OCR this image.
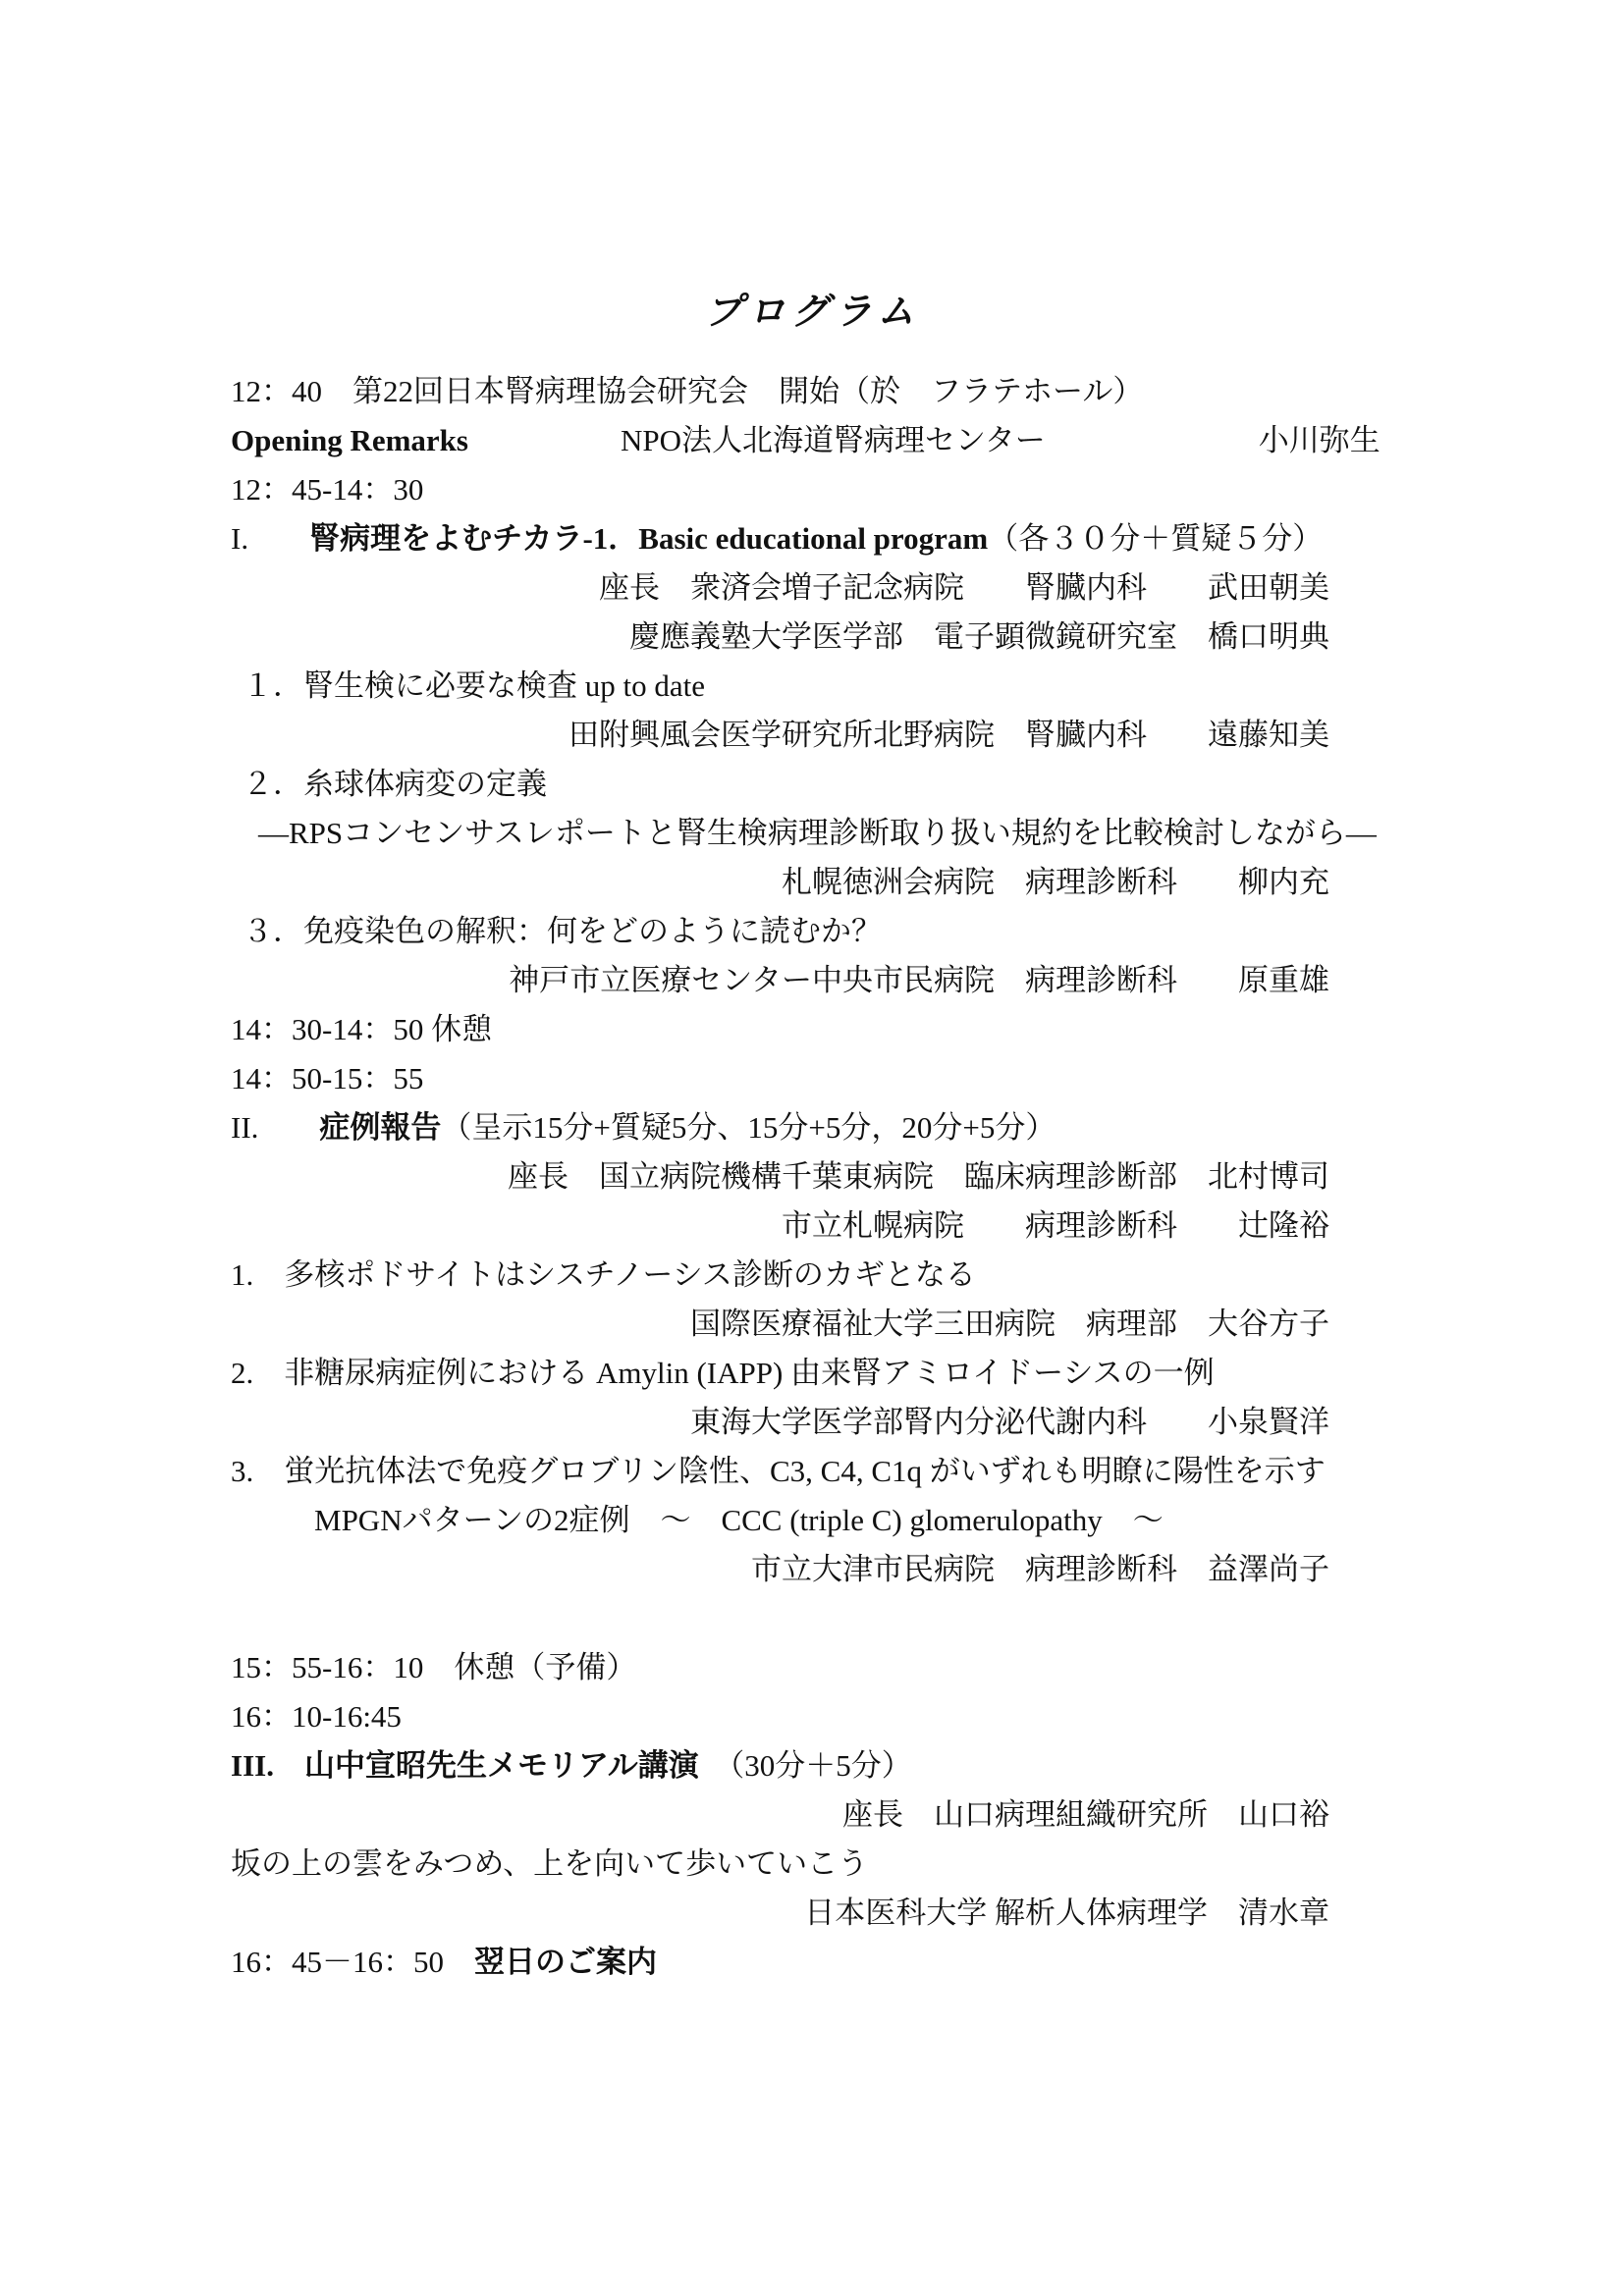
プログラム
12：40　第22回日本腎病理協会研究会　開始（於　フラテホール）
Opening Remarks　　　　　NPO法人北海道腎病理センター　　　　　　　小川弥生
12：45-14：30
I.　　腎病理をよむチカラ-1．Basic educational program（各３０分＋質疑５分）
座長　衆済会増子記念病院　　腎臓内科　　武田朝美
慶應義塾大学医学部　電子顕微鏡研究室　橋口明典
１．腎生検に必要な検査 up to date
田附興風会医学研究所北野病院　腎臓内科　　遠藤知美
２．糸球体病変の定義
―RPSコンセンサスレポートと腎生検病理診断取り扱い規約を比較検討しながら―
札幌徳洲会病院　病理診断科　　柳内充
３．免疫染色の解釈：何をどのように読むか？
神戸市立医療センター中央市民病院　病理診断科　　原重雄
14：30-14：50 休憩
14：50-15：55
II.　　症例報告（呈示15分+質疑5分、15分+5分，20分+5分）
座長　国立病院機構千葉東病院　臨床病理診断部　北村博司
市立札幌病院　　病理診断科　　辻隆裕
1.　多核ポドサイトはシスチノーシス診断のカギとなる
国際医療福祉大学三田病院　病理部　大谷方子
2.　非糖尿病症例における Amylin (IAPP) 由来腎アミロイドーシスの一例
東海大学医学部腎内分泌代謝内科　　小泉賢洋
3.　蛍光抗体法で免疫グロブリン陰性、C3, C4, C1q がいずれも明瞭に陽性を示す
MPGNパターンの2症例　～　CCC (triple C) glomerulopathy　～
市立大津市民病院　病理診断科　益澤尚子
15：55-16：10　休憩（予備）
16：10-16:45
III.　 山中宣昭先生メモリアル講演　（30分＋5分）
座長　山口病理組織研究所　山口裕
坂の上の雲をみつめ、上を向いて歩いていこう
日本医科大学 解析人体病理学　清水章
16：45－16：50　翌日のご案内
